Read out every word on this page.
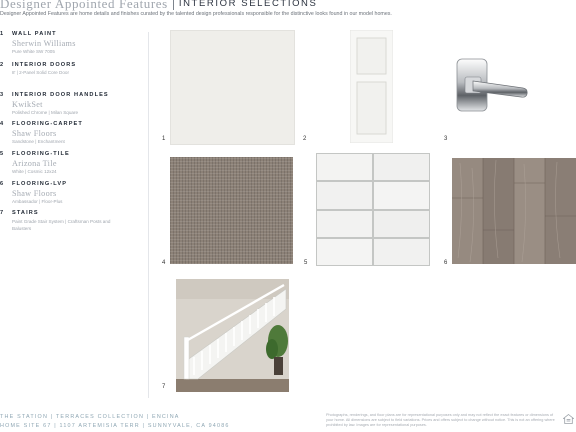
Designer Appointed Features INTERIOR SELECTIONS
Designer Appointed Features are home details and finishes curated by the talented design professionals responsible for the distinctive looks found in our model homes.
1 WALL PAINT
Sherwin Williams
Pure White SW 7005
2 INTERIOR DOORS
8' | 2-Panel Solid Core Door
3 INTERIOR DOOR HANDLES
KwikSet
Polished Chrome | Milan Square
4 FLOORING-CARPET
Shaw Floors
Sandstone | Enchantment
5 FLOORING-TILE
Arizona Tile
White | Cosmic 12x24
6 FLOORING-LVP
Shaw Floors
Ambassador | Floor-Plus
7 STAIRS
Paint Grade Stair System | Craftsman Posts and Balusters
1	2	3
4	5	6
7
THE STATION | TERRACES COLLECTION | ENCINA
HOME SITE 67 | 1107 ARTEMISIA TERR | SUNNYVALE, CA 94086
Photographs, renderings, and floor plans are for representational purposes only and may not reflect the exact features or dimensions of your home. All dimensions are subject to field variations. Prices and offers subject to change without notice. This is not an offering where prohibited by law. Images are for representational purposes.
